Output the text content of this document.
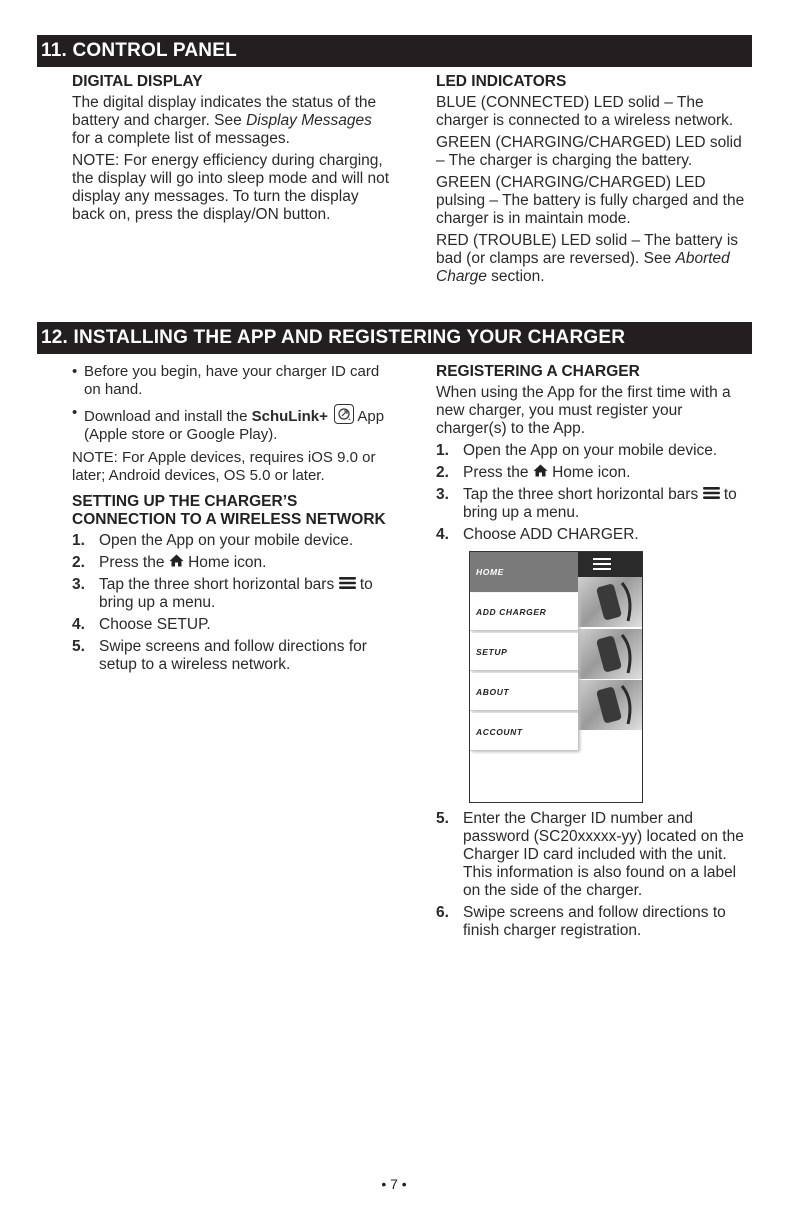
11. CONTROL PANEL
DIGITAL DISPLAY

The digital display indicates the status of the battery and charger. See Display Messages for a complete list of messages.

NOTE: For energy efficiency during charging, the display will go into sleep mode and will not display any messages. To turn the display back on, press the display/ON button.

LED INDICATORS

BLUE (CONNECTED) LED solid – The charger is connected to a wireless network.

GREEN (CHARGING/CHARGED) LED solid – The charger is charging the battery.

GREEN (CHARGING/CHARGED) LED pulsing – The battery is fully charged and the charger is in maintain mode.

RED (TROUBLE) LED solid – The battery is bad (or clamps are reversed). See Aborted Charge section.

12. INSTALLING THE APP AND REGISTERING YOUR CHARGER
• Before you begin, have your charger ID card on hand.
• Download and install the SchuLink+	+ App (Apple store or Google Play).

NOTE: For Apple devices, requires iOS 9.0 or later; Android devices, OS 5.0 or later.

SETTING UP THE CHARGER’S CONNECTION TO A WIRELESS NETWORK
1. Open the App on your mobile device.
2. Press the  Home icon.
3. Tap the three short horizontal bars  to bring up a menu.
4. Choose SETUP.
5. Swipe screens and follow directions for setup to a wireless network.
REGISTERING A CHARGER

When using the App for the first time with a new charger, you must register your charger(s) to the App.

1. Open the App on your mobile device.
2. Press the  Home icon.
3. Tap the three short horizontal bars  to bring up a menu.
4. Choose ADD CHARGER.
HOME
ADD CHARGER
SETUP
ABOUT
ACCOUNT
5. Enter the Charger ID number and password (SC20xxxxx-yy) located on the Charger ID card included with the unit. This information is also found on a label on the side of the charger.
6. Swipe screens and follow directions to finish charger registration.
• 7 •
